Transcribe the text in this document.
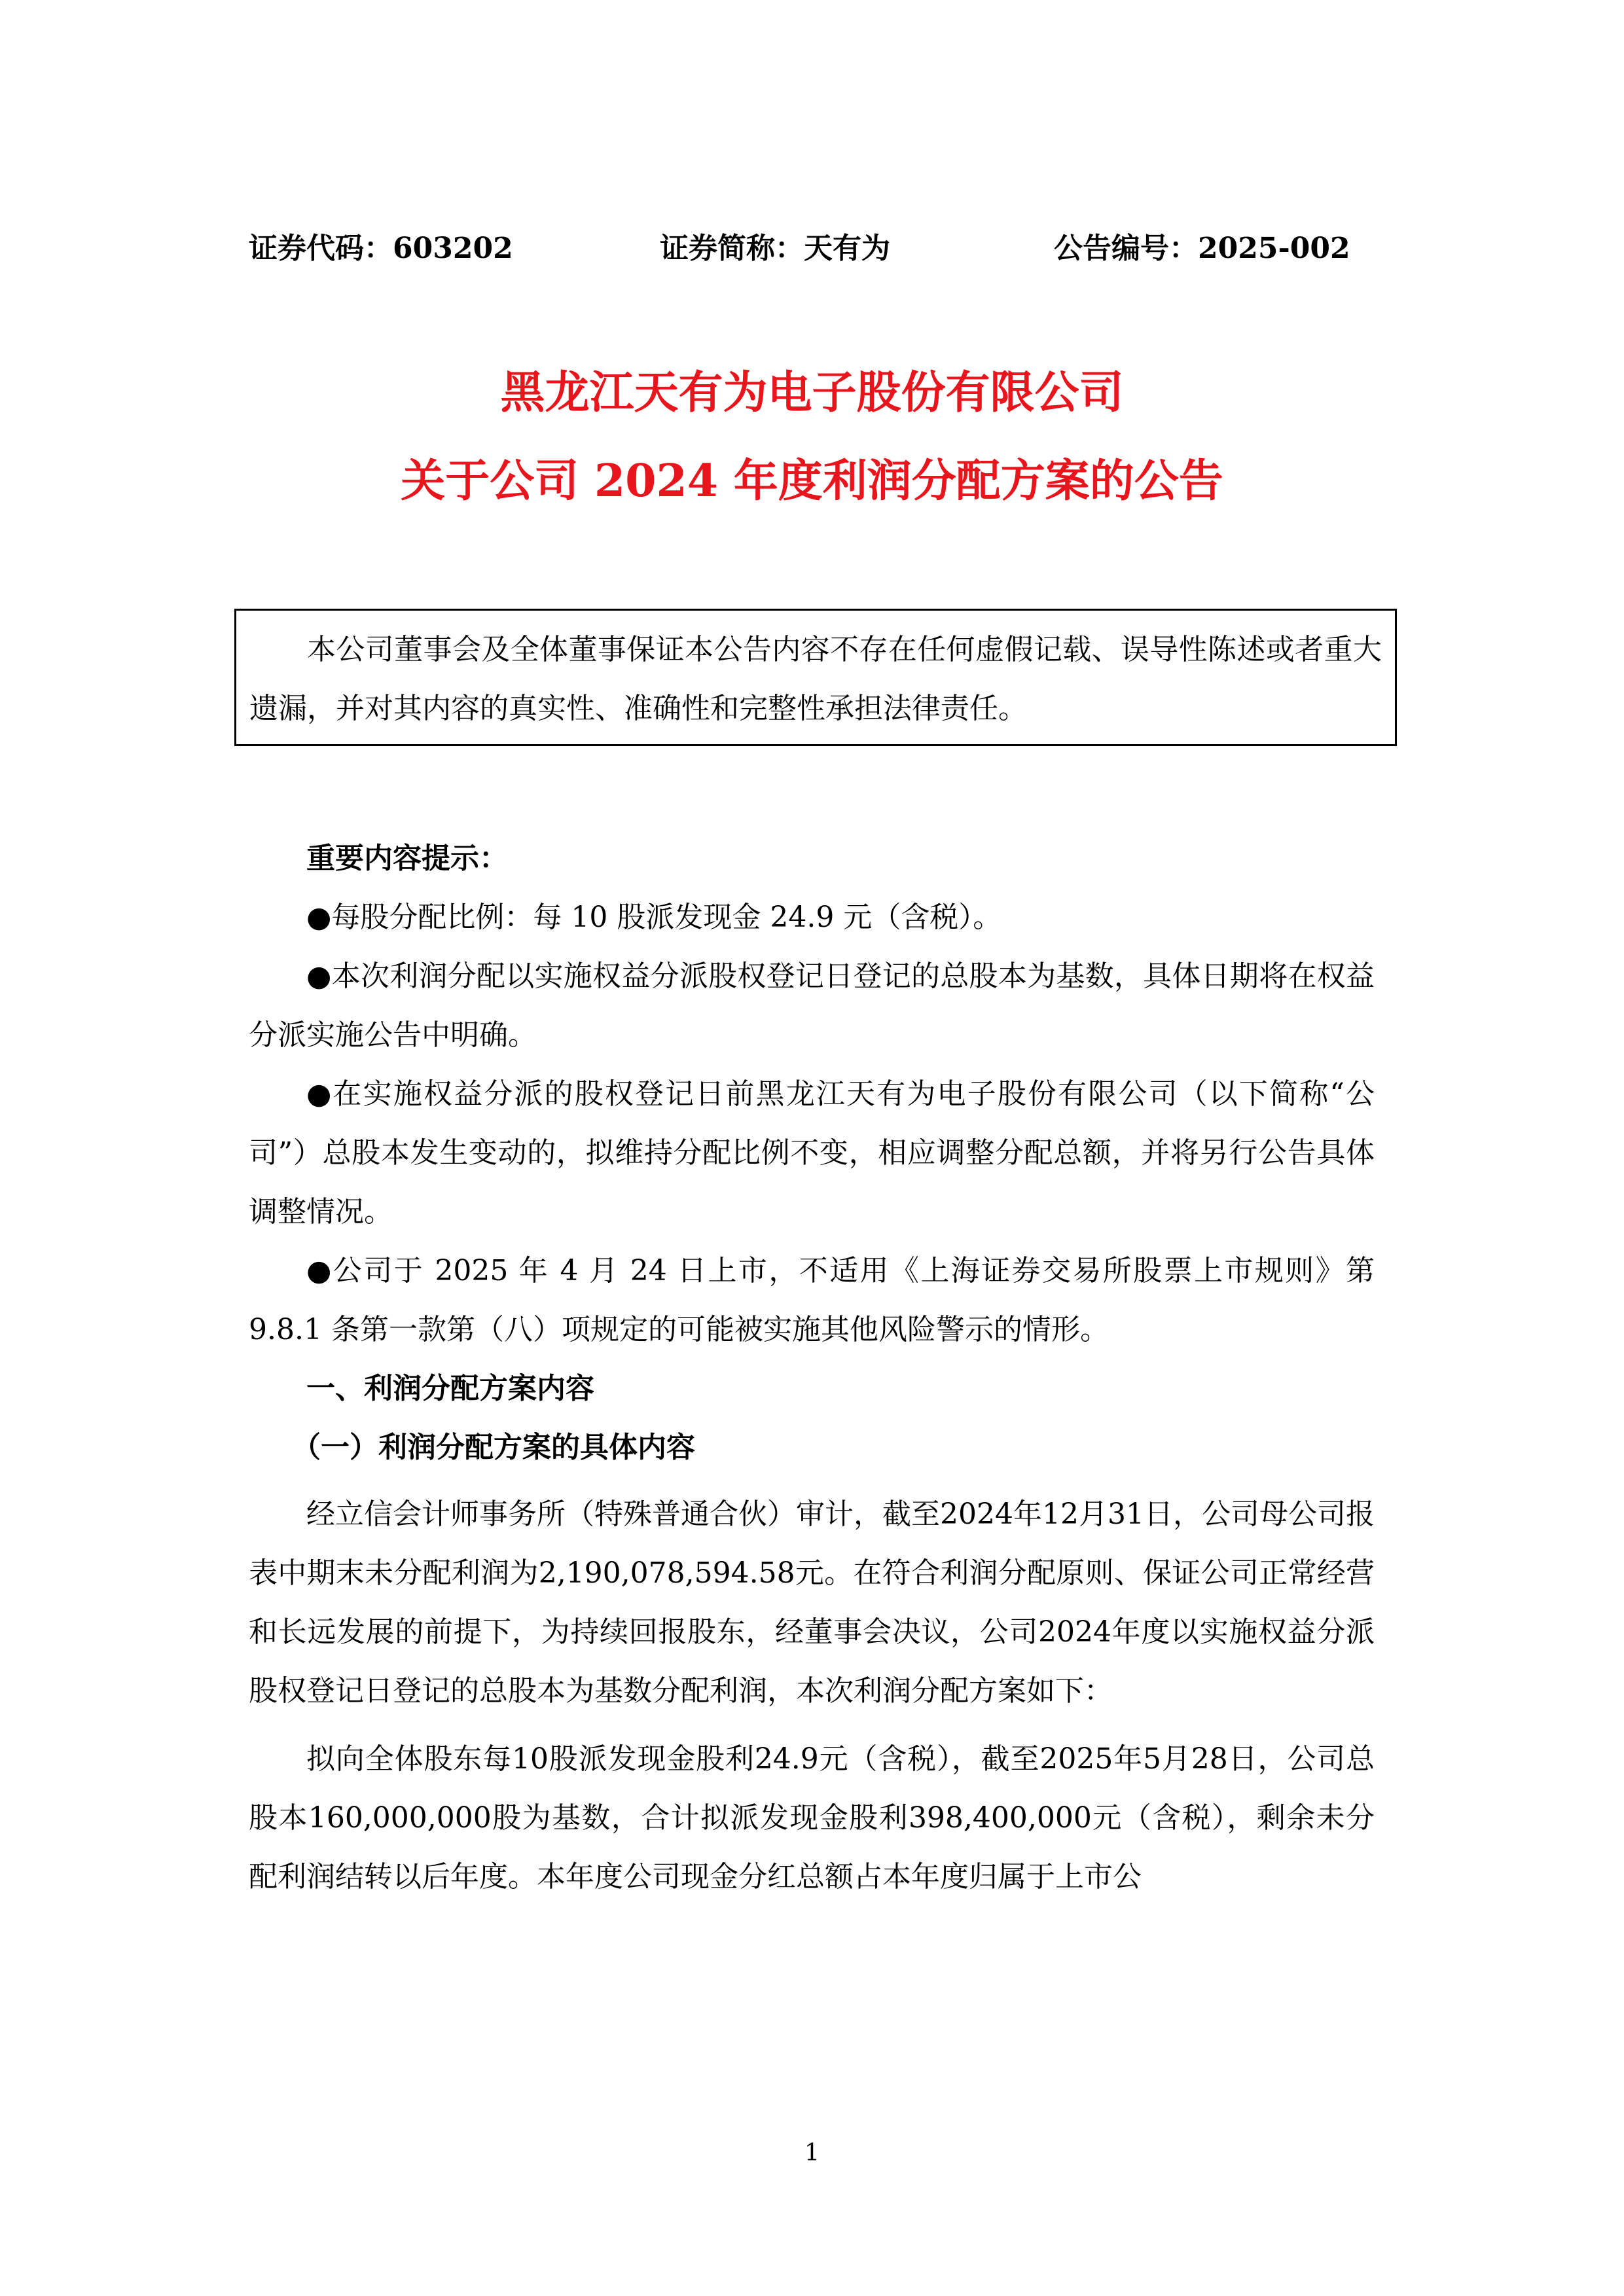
证券代码：603202	证券简称：天有为	公告编号：2025-002
黑龙江天有为电子股份有限公司
关于公司 2024 年度利润分配方案的公告

本公司董事会及全体董事保证本公告内容不存在任何虚假记载、误导性陈述或者重大遗漏，并对其内容的真实性、准确性和完整性承担法律责任。

重要内容提示：

●每股分配比例：每 10 股派发现金 24.9 元（含税）。

●本次利润分配以实施权益分派股权登记日登记的总股本为基数，具体日期将在权益分派实施公告中明确。

●在实施权益分派的股权登记日前黑龙江天有为电子股份有限公司（以下简称“公司”）总股本发生变动的，拟维持分配比例不变，相应调整分配总额，并将另行公告具体调整情况。

●公司于 2025 年 4 月 24 日上市，不适用《上海证券交易所股票上市规则》第 9.8.1 条第一款第（八）项规定的可能被实施其他风险警示的情形。

一、利润分配方案内容

（一）利润分配方案的具体内容

经立信会计师事务所（特殊普通合伙）审计，截至2024年12月31日，公司母公司报表中期末未分配利润为2,190,078,594.58元。在符合利润分配原则、保证公司正常经营和长远发展的前提下，为持续回报股东，经董事会决议，公司2024年度以实施权益分派股权登记日登记的总股本为基数分配利润，本次利润分配方案如下：

拟向全体股东每10股派发现金股利24.9元（含税），截至2025年5月28日，公司总股本160,000,000股为基数，合计拟派发现金股利398,400,000元（含税），剩余未分配利润结转以后年度。本年度公司现金分红总额占本年度归属于上市公

1
